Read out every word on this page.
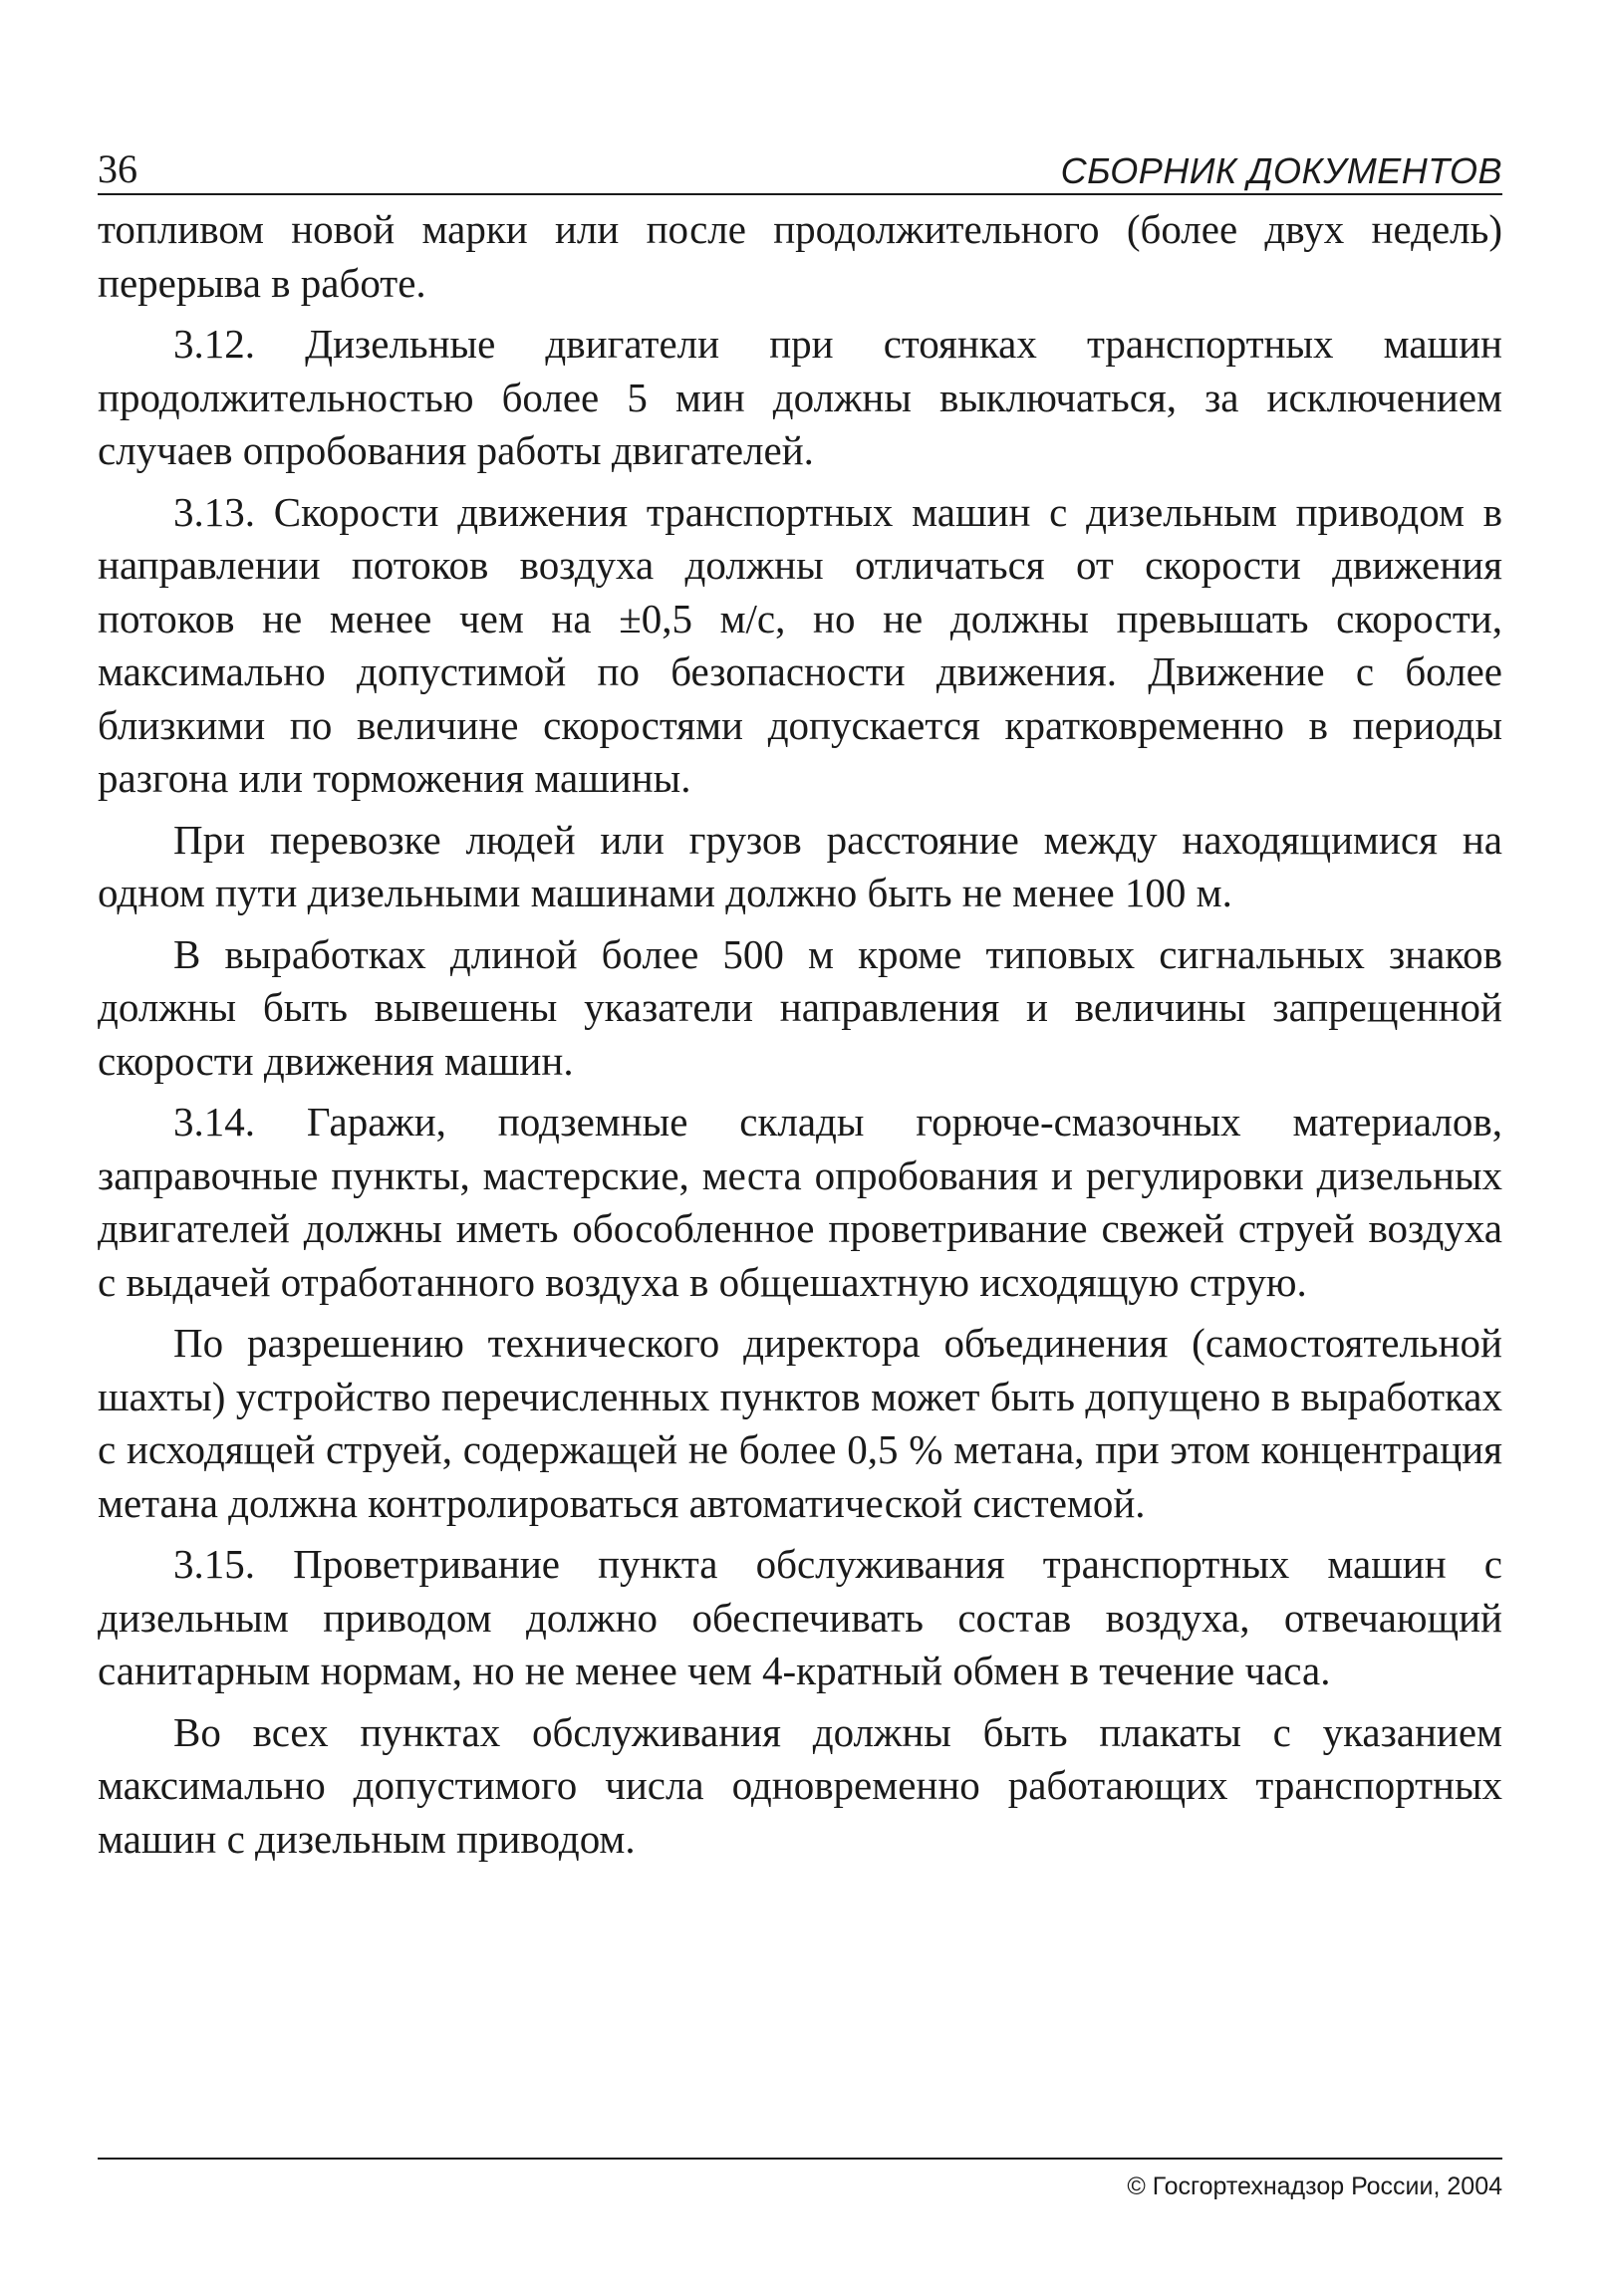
36	СБОРНИК ДОКУМЕНТОВ

топливом новой марки или после продолжительного (более двух недель) перерыва в работе.

3.12. Дизельные двигатели при стоянках транспортных машин продолжительностью более 5 мин должны выключаться, за исключением случаев опробования работы двигателей.

3.13. Скорости движения транспортных машин с дизельным приводом в направлении потоков воздуха должны отличаться от скорости движения потоков не менее чем на ±0,5 м/с, но не должны превышать скорости, максимально допустимой по безопасности движения. Движение с более близкими по величине скоростями допускается кратковременно в периоды разгона или торможения машины.

При перевозке людей или грузов расстояние между находящимися на одном пути дизельными машинами должно быть не менее 100 м.

В выработках длиной более 500 м кроме типовых сигнальных знаков должны быть вывешены указатели направления и величины запрещенной скорости движения машин.

3.14. Гаражи, подземные склады горюче-смазочных материалов, заправочные пункты, мастерские, места опробования и регулировки дизельных двигателей должны иметь обособленное проветривание свежей струей воздуха с выдачей отработанного воздуха в общешахтную исходящую струю.

По разрешению технического директора объединения (самостоятельной шахты) устройство перечисленных пунктов может быть допущено в выработках с исходящей струей, содержащей не более 0,5 % метана, при этом концентрация метана должна контролироваться автоматической системой.

3.15. Проветривание пункта обслуживания транспортных машин с дизельным приводом должно обеспечивать состав воздуха, отвечающий санитарным нормам, но не менее чем 4-кратный обмен в течение часа.

Во всех пунктах обслуживания должны быть плакаты с указанием максимально допустимого числа одновременно работающих транспортных машин с дизельным приводом.

© Госгортехнадзор России, 2004
